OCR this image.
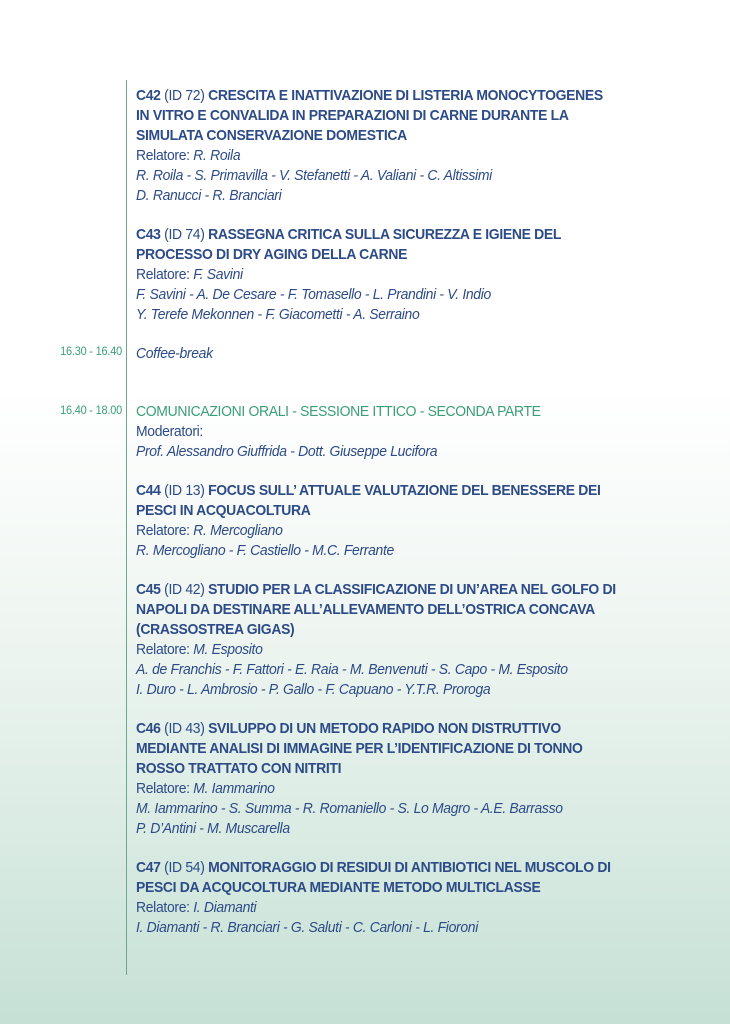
16.30 - 16.40
16.40 - 18.00
C42 (ID 72) CRESCITA E INATTIVAZIONE DI LISTERIA MONOCYTOGENES
IN VITRO E CONVALIDA IN PREPARAZIONI DI CARNE DURANTE LA
SIMULATA CONSERVAZIONE DOMESTICA
Relatore: R. Roila
R. Roila - S. Primavilla - V. Stefanetti - A. Valiani - C. Altissimi
D. Ranucci - R. Branciari
C43 (ID 74) RASSEGNA CRITICA SULLA SICUREZZA E IGIENE DEL
PROCESSO DI DRY AGING DELLA CARNE
Relatore: F. Savini
F. Savini - A. De Cesare - F. Tomasello - L. Prandini - V. Indio
Y. Terefe Mekonnen - F. Giacometti - A. Serraino
Coffee-break
COMUNICAZIONI ORALI - SESSIONE ITTICO - SECONDA PARTE
Moderatori:
Prof. Alessandro Giuffrida - Dott. Giuseppe Lucifora
C44 (ID 13) FOCUS SULL’ ATTUALE VALUTAZIONE DEL BENESSERE DEI
PESCI IN ACQUACOLTURA
Relatore: R. Mercogliano
R. Mercogliano - F. Castiello - M.C. Ferrante
C45 (ID 42) STUDIO PER LA CLASSIFICAZIONE DI UN’AREA NEL GOLFO DI
NAPOLI DA DESTINARE ALL’ALLEVAMENTO DELL’OSTRICA CONCAVA
(CRASSOSTREA GIGAS)
Relatore: M. Esposito
A. de Franchis - F. Fattori - E. Raia - M. Benvenuti - S. Capo - M. Esposito
I. Duro - L. Ambrosio - P. Gallo - F. Capuano - Y.T.R. Proroga
C46 (ID 43) SVILUPPO DI UN METODO RAPIDO NON DISTRUTTIVO
MEDIANTE ANALISI DI IMMAGINE PER L’IDENTIFICAZIONE DI TONNO
ROSSO TRATTATO CON NITRITI
Relatore: M. Iammarino
M. Iammarino - S. Summa - R. Romaniello - S. Lo Magro - A.E. Barrasso
P. D’Antini - M. Muscarella
C47 (ID 54) MONITORAGGIO DI RESIDUI DI ANTIBIOTICI NEL MUSCOLO DI
PESCI DA ACQUCOLTURA MEDIANTE METODO MULTICLASSE
Relatore: I. Diamanti
I. Diamanti - R. Branciari - G. Saluti - C. Carloni - L. Fioroni
